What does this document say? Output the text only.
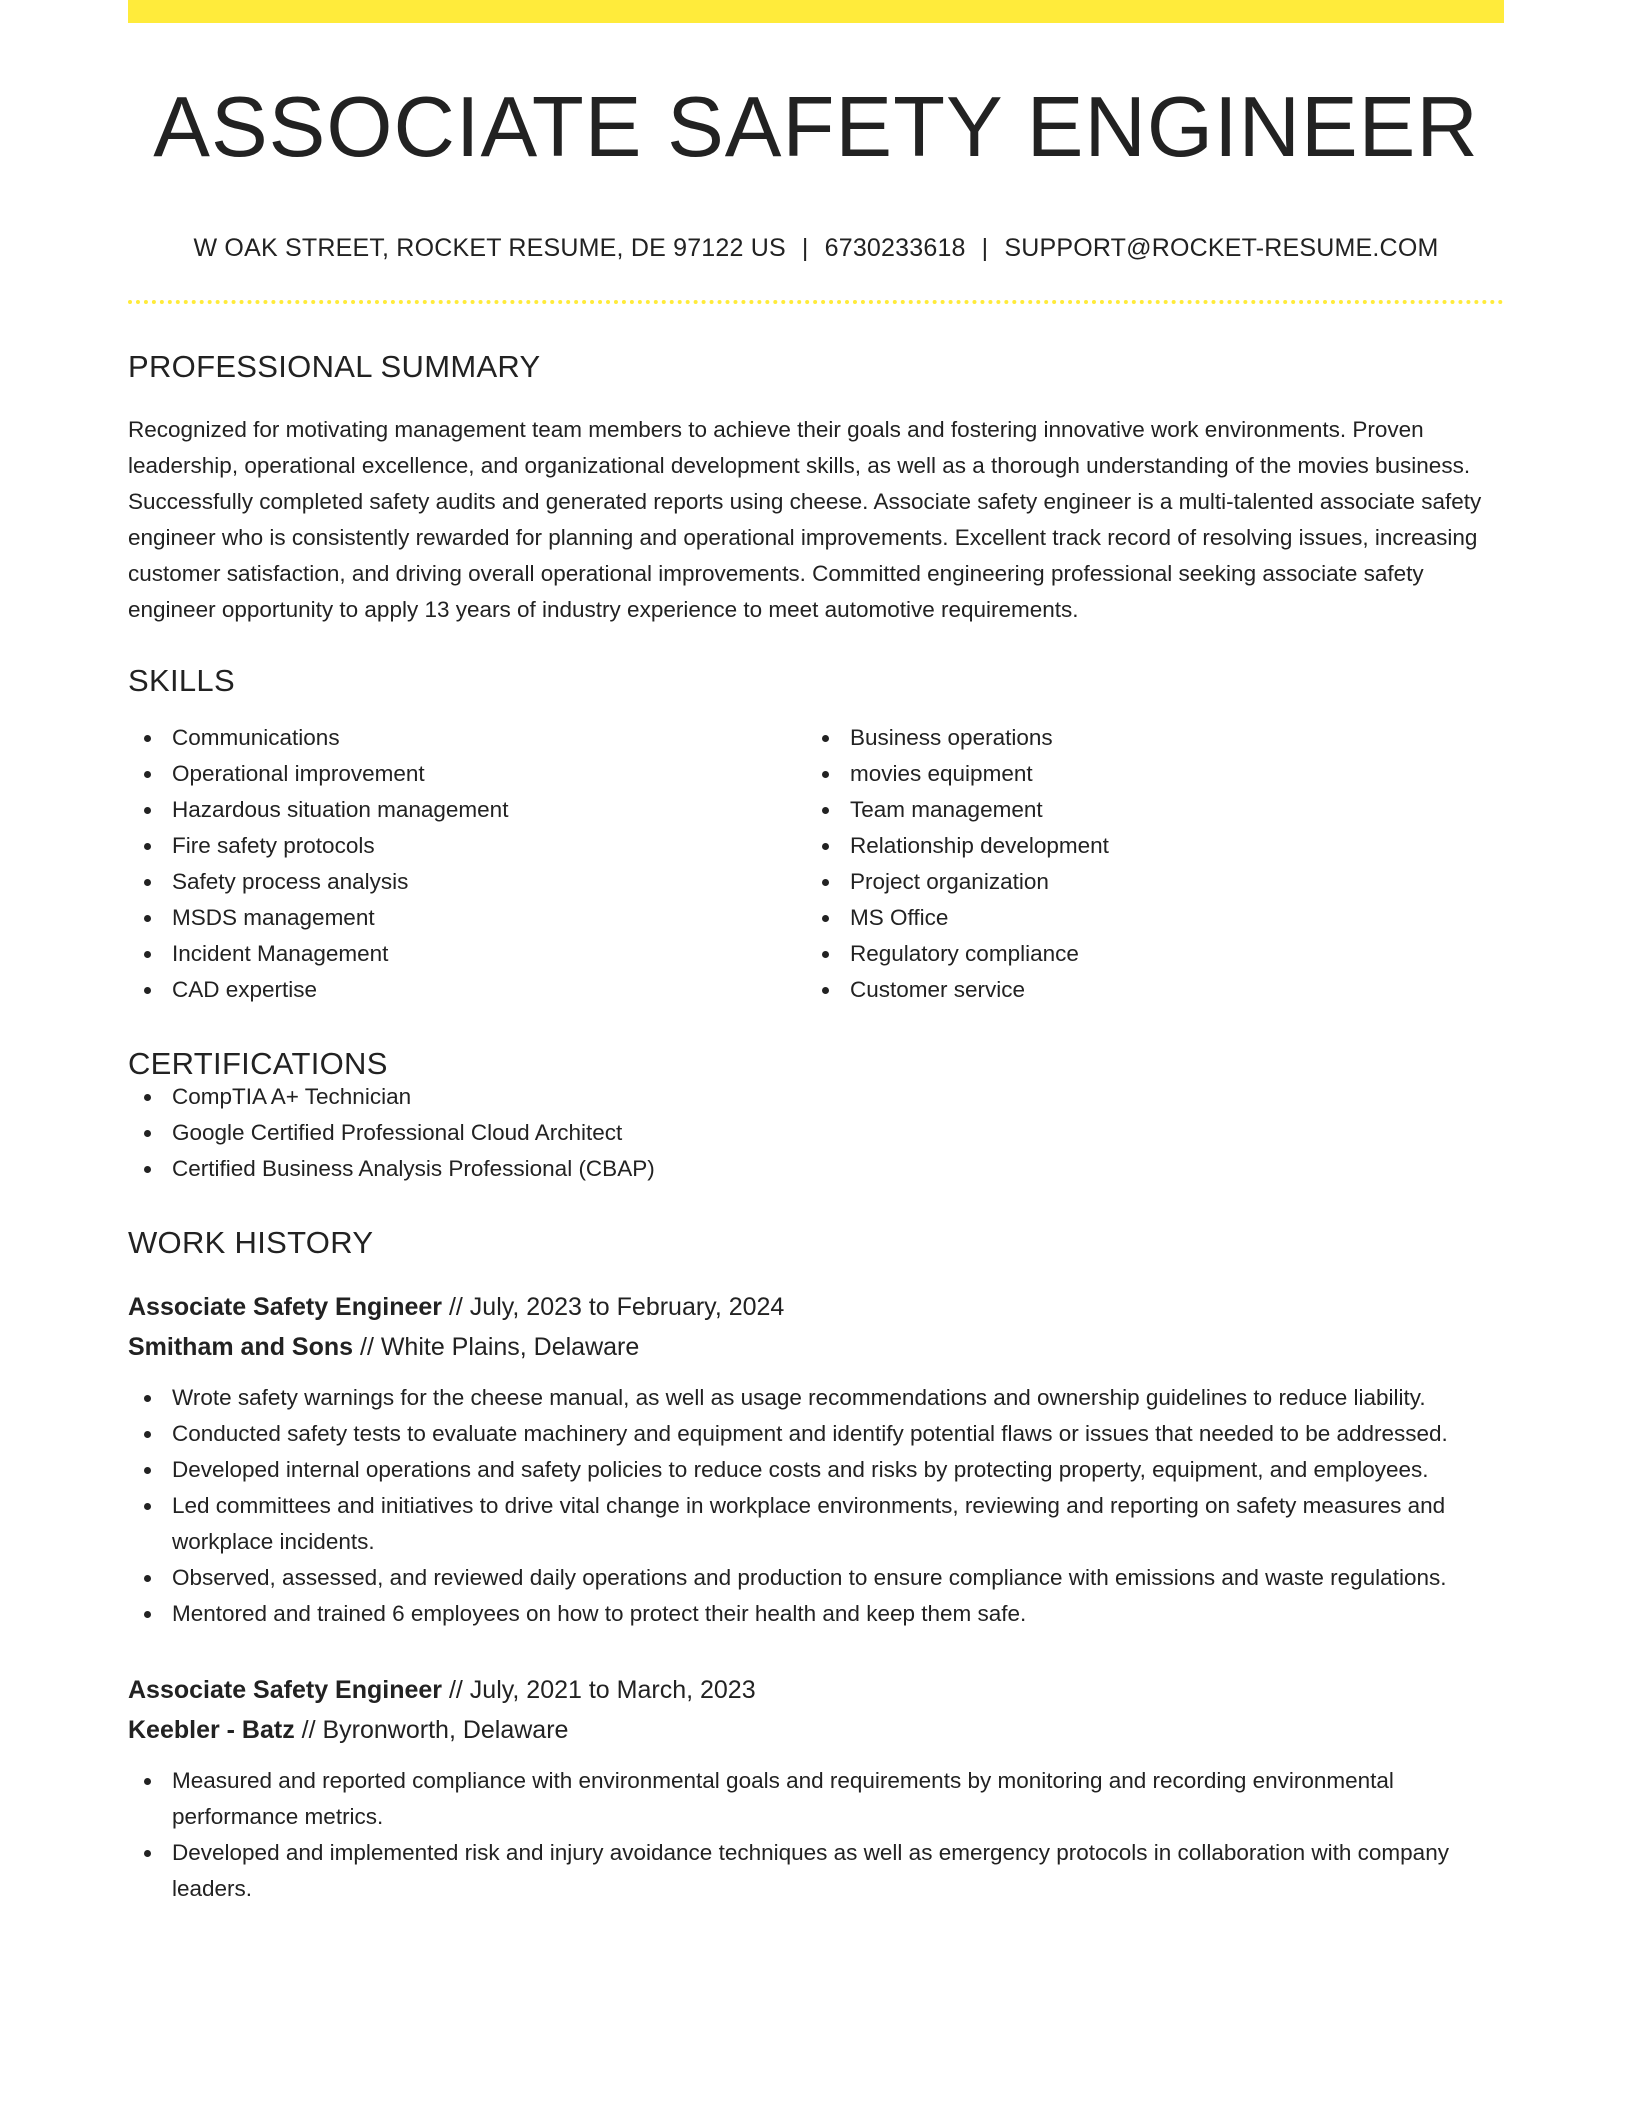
ASSOCIATE SAFETY ENGINEER
W OAK STREET, ROCKET RESUME, DE 97122 US | 6730233618 | SUPPORT@ROCKET-RESUME.COM
PROFESSIONAL SUMMARY
Recognized for motivating management team members to achieve their goals and fostering innovative work environments. Proven leadership, operational excellence, and organizational development skills, as well as a thorough understanding of the movies business. Successfully completed safety audits and generated reports using cheese. Associate safety engineer is a multi-talented associate safety engineer who is consistently rewarded for planning and operational improvements. Excellent track record of resolving issues, increasing customer satisfaction, and driving overall operational improvements. Committed engineering professional seeking associate safety engineer opportunity to apply 13 years of industry experience to meet automotive requirements.
SKILLS
Communications
Operational improvement
Hazardous situation management
Fire safety protocols
Safety process analysis
MSDS management
Incident Management
CAD expertise
Business operations
movies equipment
Team management
Relationship development
Project organization
MS Office
Regulatory compliance
Customer service
CERTIFICATIONS
CompTIA A+ Technician
Google Certified Professional Cloud Architect
Certified Business Analysis Professional (CBAP)
WORK HISTORY
Associate Safety Engineer // July, 2023 to February, 2024
Smitham and Sons // White Plains, Delaware
Wrote safety warnings for the cheese manual, as well as usage recommendations and ownership guidelines to reduce liability.
Conducted safety tests to evaluate machinery and equipment and identify potential flaws or issues that needed to be addressed.
Developed internal operations and safety policies to reduce costs and risks by protecting property, equipment, and employees.
Led committees and initiatives to drive vital change in workplace environments, reviewing and reporting on safety measures and workplace incidents.
Observed, assessed, and reviewed daily operations and production to ensure compliance with emissions and waste regulations.
Mentored and trained 6 employees on how to protect their health and keep them safe.
Associate Safety Engineer // July, 2021 to March, 2023
Keebler - Batz // Byronworth, Delaware
Measured and reported compliance with environmental goals and requirements by monitoring and recording environmental performance metrics.
Developed and implemented risk and injury avoidance techniques as well as emergency protocols in collaboration with company leaders.
